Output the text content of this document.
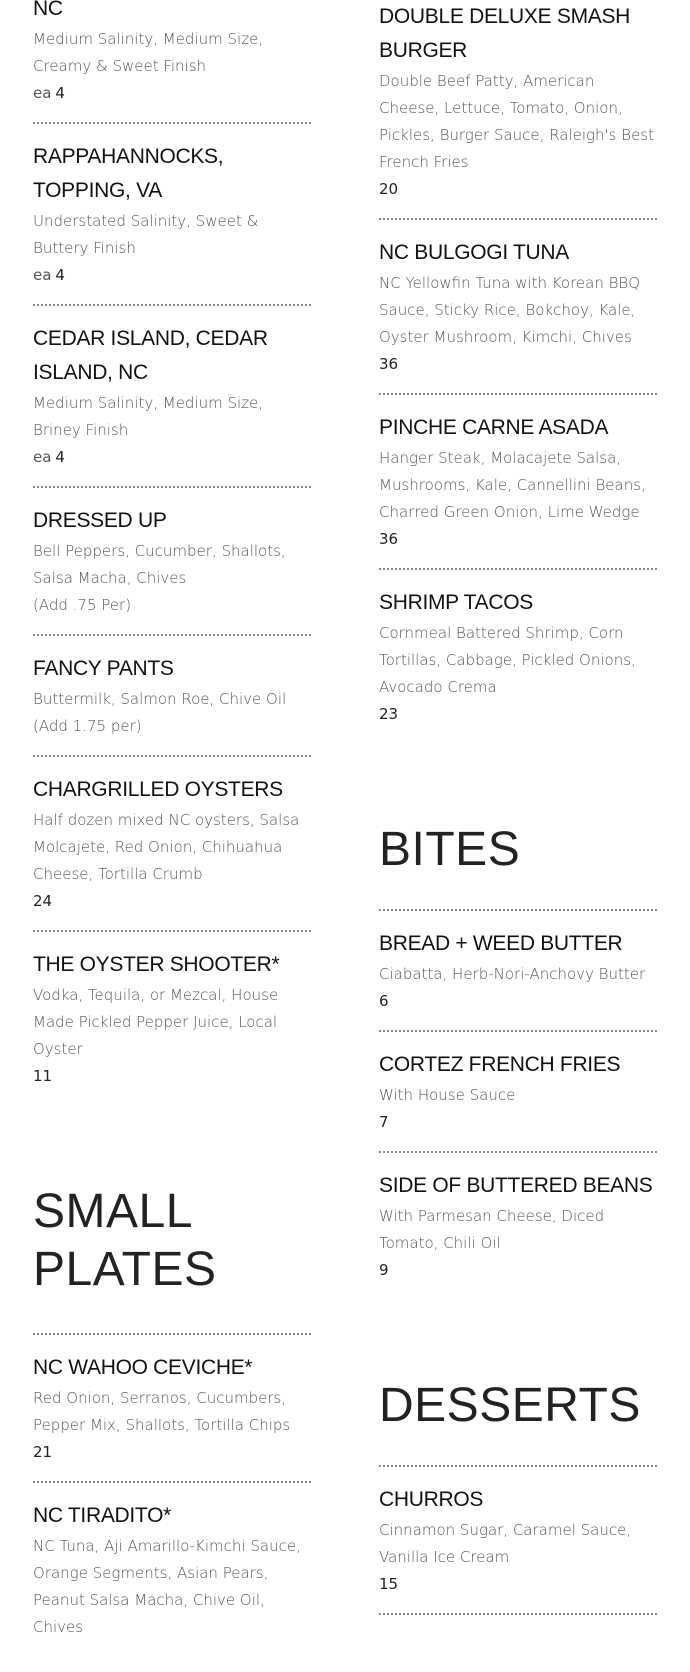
NC

Medium Salinity, Medium Size, Creamy & Sweet Finish

ea 4

RAPPAHANNOCKS, TOPPING, VA

Understated Salinity, Sweet & Buttery Finish

ea 4

CEDAR ISLAND, CEDAR ISLAND, NC

Medium Salinity, Medium Size, Briney Finish

ea 4

DRESSED UP

Bell Peppers, Cucumber, Shallots, Salsa Macha, Chives

(Add .75 Per)

FANCY PANTS

Buttermilk, Salmon Roe, Chive Oil

(Add 1.75 per)

CHARGRILLED OYSTERS

Half dozen mixed NC oysters, Salsa Molcajete, Red Onion, Chihuahua Cheese, Tortilla Crumb

24

THE OYSTER SHOOTER*

Vodka, Tequila, or Mezcal, House Made Pickled Pepper Juice, Local Oyster

11

SMALL
PLATES

NC WAHOO CEVICHE*

Red Onion, Serranos, Cucumbers, Pepper Mix, Shallots, Tortilla Chips

21

NC TIRADITO*

NC Tuna, Aji Amarillo-Kimchi Sauce, Orange Segments, Asian Pears, Peanut Salsa Macha, Chive Oil, Chives

DOUBLE DELUXE SMASH BURGER

Double Beef Patty, American Cheese, Lettuce, Tomato, Onion, Pickles, Burger Sauce, Raleigh's Best French Fries

20

NC BULGOGI TUNA

NC Yellowfin Tuna with Korean BBQ Sauce, Sticky Rice, Bokchoy, Kale, Oyster Mushroom, Kimchi, Chives

36

PINCHE CARNE ASADA

Hanger Steak, Molacajete Salsa, Mushrooms, Kale, Cannellini Beans, Charred Green Onion, Lime Wedge

36

SHRIMP TACOS

Cornmeal Battered Shrimp, Corn Tortillas, Cabbage, Pickled Onions, Avocado Crema

23

BITES

BREAD + WEED BUTTER

Ciabatta, Herb-Nori-Anchovy Butter

6

CORTEZ FRENCH FRIES

With House Sauce

7

SIDE OF BUTTERED BEANS

With Parmesan Cheese, Diced Tomato, Chili Oil

9

DESSERTS

CHURROS

Cinnamon Sugar, Caramel Sauce, Vanilla Ice Cream

15
